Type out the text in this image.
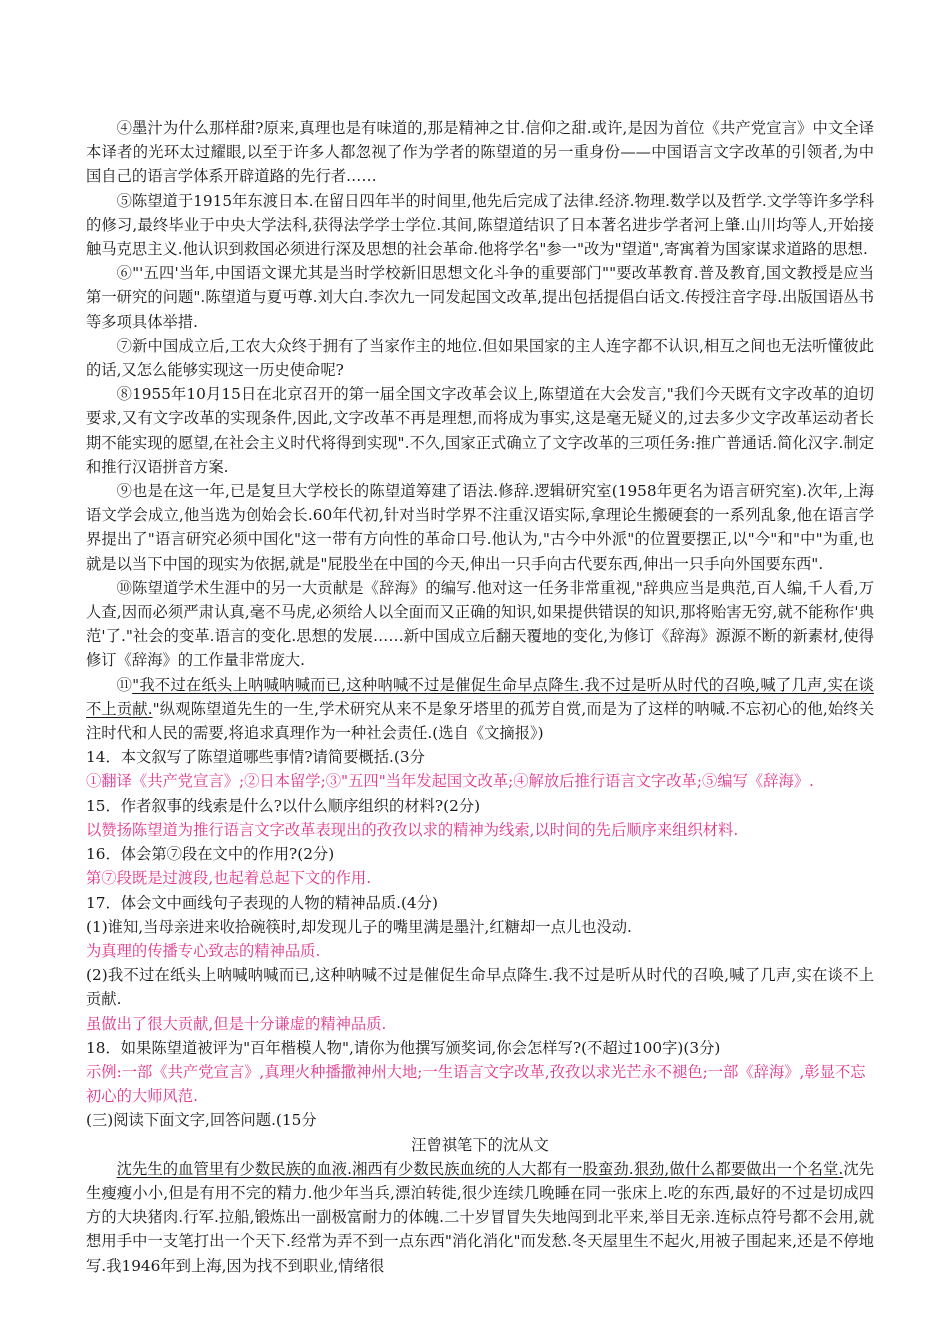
④墨汁为什么那样甜?原来,真理也是有味道的,那是精神之甘.信仰之甜.或许,是因为首位《共产党宣言》中文全译本译者的光环太过耀眼,以至于许多人都忽视了作为学者的陈望道的另一重身份——中国语言文字改革的引领者,为中国自己的语言学体系开辟道路的先行者……

⑤陈望道于1915年东渡日本.在留日四年半的时间里,他先后完成了法律.经济.物理.数学以及哲学.文学等许多学科的修习,最终毕业于中央大学法科,获得法学学士学位.其间,陈望道结识了日本著名进步学者河上肇.山川均等人,开始接触马克思主义.他认识到救国必须进行深及思想的社会革命.他将学名"参一"改为"望道",寄寓着为国家谋求道路的思想.

⑥"'五四'当年,中国语文课尤其是当时学校新旧思想文化斗争的重要部门""要改革教育.普及教育,国文教授是应当第一研究的问题".陈望道与夏丏尊.刘大白.李次九一同发起国文改革,提出包括提倡白话文.传授注音字母.出版国语丛书等多项具体举措.

⑦新中国成立后,工农大众终于拥有了当家作主的地位.但如果国家的主人连字都不认识,相互之间也无法听懂彼此的话,又怎么能够实现这一历史使命呢?

⑧1955年10月15日在北京召开的第一届全国文字改革会议上,陈望道在大会发言,"我们今天既有文字改革的迫切要求,又有文字改革的实现条件,因此,文字改革不再是理想,而将成为事实,这是毫无疑义的,过去多少文字改革运动者长期不能实现的愿望,在社会主义时代将得到实现".不久,国家正式确立了文字改革的三项任务:推广普通话.简化汉字.制定和推行汉语拼音方案.

⑨也是在这一年,已是复旦大学校长的陈望道筹建了语法.修辞.逻辑研究室(1958年更名为语言研究室).次年,上海语文学会成立,他当选为创始会长.60年代初,针对当时学界不注重汉语实际,拿理论生搬硬套的一系列乱象,他在语言学界提出了"语言研究必须中国化"这一带有方向性的革命口号.他认为,"古今中外派"的位置要摆正,以"今"和"中"为重,也就是以当下中国的现实为依据,就是"屁股坐在中国的今天,伸出一只手向古代要东西,伸出一只手向外国要东西".

⑩陈望道学术生涯中的另一大贡献是《辞海》的编写.他对这一任务非常重视,"辞典应当是典范,百人编,千人看,万人查,因而必须严肃认真,毫不马虎,必须给人以全面而又正确的知识,如果提供错误的知识,那将贻害无穷,就不能称作'典范'了."社会的变革.语言的变化.思想的发展……新中国成立后翻天覆地的变化,为修订《辞海》源源不断的新素材,使得修订《辞海》的工作量非常庞大.

⑪"我不过在纸头上呐喊呐喊而已,这种呐喊不过是催促生命早点降生.我不过是听从时代的召唤,喊了几声,实在谈不上贡献."纵观陈望道先生的一生,学术研究从来不是象牙塔里的孤芳自赏,而是为了这样的呐喊.不忘初心的他,始终关注时代和人民的需要,将追求真理作为一种社会责任.(选自《文摘报》)

14．本文叙写了陈望道哪些事情?请简要概括.(3分

①翻译《共产党宣言》;②日本留学;③"五四"当年发起国文改革;④解放后推行语言文字改革;⑤编写《辞海》.

15．作者叙事的线索是什么?以什么顺序组织的材料?(2分)

以赞扬陈望道为推行语言文字改革表现出的孜孜以求的精神为线索,以时间的先后顺序来组织材料.

16．体会第⑦段在文中的作用?(2分)

第⑦段既是过渡段,也起着总起下文的作用.

17．体会文中画线句子表现的人物的精神品质.(4分)

(1)谁知,当母亲进来收拾碗筷时,却发现儿子的嘴里满是墨汁,红糖却一点儿也没动.

为真理的传播专心致志的精神品质.

(2)我不过在纸头上呐喊呐喊而已,这种呐喊不过是催促生命早点降生.我不过是听从时代的召唤,喊了几声,实在谈不上贡献.

虽做出了很大贡献,但是十分谦虚的精神品质.

18．如果陈望道被评为"百年楷模人物",请你为他撰写颁奖词,你会怎样写?(不超过100字)(3分)

示例:一部《共产党宣言》,真理火种播撒神州大地;一生语言文字改革,孜孜以求光芒永不褪色;一部《辞海》,彰显不忘初心的大师风范.

(三)阅读下面文字,回答问题.(15分

汪曾祺笔下的沈从文

沈先生的血管里有少数民族的血液.湘西有少数民族血统的人大都有一股蛮劲.狠劲,做什么都要做出一个名堂.沈先生瘦瘦小小,但是有用不完的精力.他少年当兵,漂泊转徙,很少连续几晚睡在同一张床上.吃的东西,最好的不过是切成四方的大块猪肉.行军.拉船,锻炼出一副极富耐力的体魄.二十岁冒冒失失地闯到北平来,举目无亲.连标点符号都不会用,就想用手中一支笔打出一个天下.经常为弄不到一点东西"消化消化"而发愁.冬天屋里生不起火,用被子围起来,还是不停地写.我1946年到上海,因为找不到职业,情绪很
